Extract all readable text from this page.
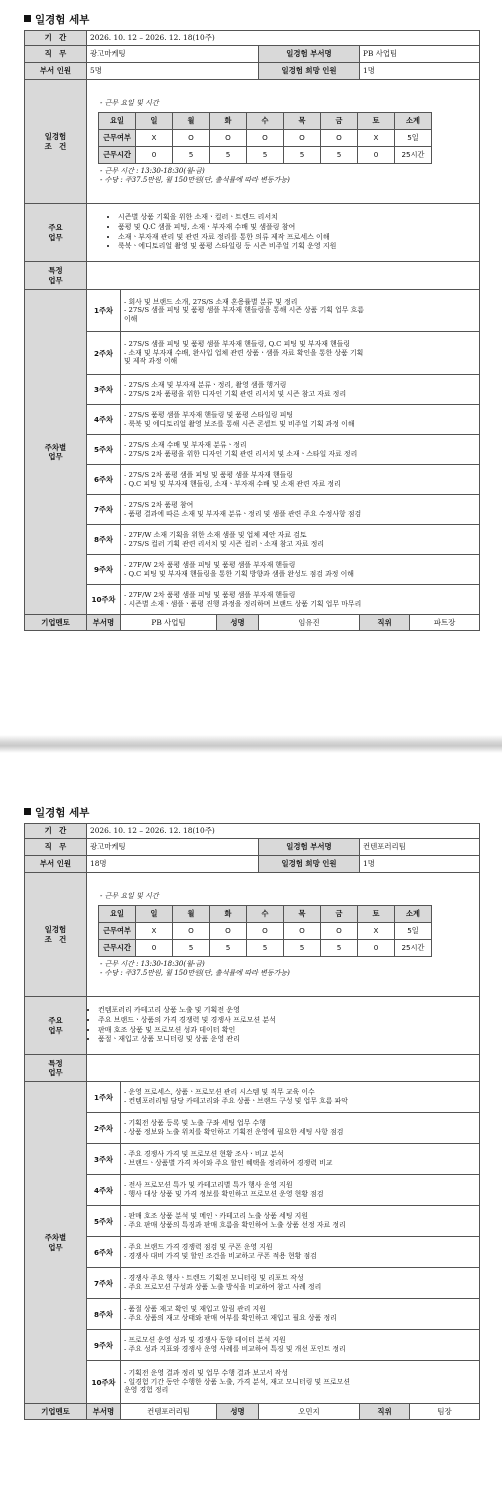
일경험 세부
기　간	2026. 10. 12 – 2026. 12. 18(10주)
직　무	광고마케팅	일경험 부서명	PB 사업팀
부서 인원	5명	일경험 희망 인원	1명
일경험
조　건	
- 근무 요일 및 시간
요일	일	월	화	수	목	금	토	소계
근무여부	X	O	O	O	O	O	X	5일
근무시간	0	5	5	5	5	5	0	25시간
- 근무 시간 : 13:30-18:30(월-금)
- 수당 : 주37.5만원, 월 150만원(단, 출석률에 따라 변동가능)

주요
업무	
• 시즌별 상품 기획을 위한 소재ㆍ컬러ㆍ트렌드 리서치
• 품평 및 Q.C 샘플 피팅, 소재ㆍ부자재 수배 및 샘플링 참여
• 소재ㆍ부자재 관리 및 관련 자료 정리를 통한 의류 제작 프로세스 이해
• 룩북ㆍ에디토리얼 촬영 및 품평 스타일링 등 시즌 비주얼 기획 운영 지원

특정
업무	
주차별
업무	1주차	
- 회사 및 브랜드 소개, 27S/S 소재 혼용률별 분류 및 정리
- 27S/S 샘플 피팅 및 품평 샘플 부자재 핸들링을 통해 시즌 상품 기획 업무 흐름
이해

2주차	
- 27S/S 샘플 피팅 및 품평 샘플 부자재 핸들링, Q.C 피팅 및 부자재 핸들링
- 소재 및 부자재 수배, 완사입 업체 관련 상품ㆍ샘플 자료 확인을 통한 상품 기획
및 제작 과정 이해

3주차	
- 27S/S 소재 및 부자재 분류ㆍ정리, 촬영 샘플 행거링
- 27S/S 2차 품평을 위한 디자인 기획 관련 리서치 및 시즌 참고 자료 정리

4주차	
- 27S/S 품평 샘플 부자재 핸들링 및 품평 스타일링 피팅
- 룩북 및 에디토리얼 촬영 보조를 통해 시즌 콘셉트 및 비주얼 기획 과정 이해

5주차	
- 27S/S 소재 수배 및 부자재 분류ㆍ정리
- 27S/S 2차 품평을 위한 디자인 기획 관련 리서치 및 소재ㆍ스타일 자료 정리

6주차	
- 27S/S 2차 품평 샘플 피팅 및 품평 샘플 부자재 핸들링
- Q.C 피팅 및 부자재 핸들링, 소재ㆍ부자재 수배 및 소재 관련 자료 정리

7주차	
- 27S/S 2차 품평 참여
- 품평 결과에 따른 소재 및 부자재 분류ㆍ정리 및 샘플 관련 주요 수정사항 점검

8주차	
- 27F/W 소재 기획을 위한 소재 샘플 및 업체 제안 자료 검토
- 27S/S 컬러 기획 관련 리서치 및 시즌 컬러ㆍ소재 참고 자료 정리

9주차	
- 27F/W 2차 품평 샘플 피팅 및 품평 샘플 부자재 핸들링
- Q.C 피팅 및 부자재 핸들링을 통한 기획 방향과 샘플 완성도 점검 과정 이해

10주차	
- 27F/W 2차 품평 샘플 피팅 및 품평 샘플 부자재 핸들링
- 시즌별 소재ㆍ샘플ㆍ품평 진행 과정을 정리하며 브랜드 상품 기획 업무 마무리

기업멘토	부서명	PB 사업팀	성명	임유진	직위	파트장
일경험 세부
기　간	2026. 10. 12 – 2026. 12. 18(10주)
직　무	광고마케팅	일경험 부서명	컨텐포러리팀
부서 인원	18명	일경험 희망 인원	1명
일경험
조　건	
- 근무 요일 및 시간
요일	일	월	화	수	목	금	토	소계
근무여부	X	O	O	O	O	O	X	5일
근무시간	0	5	5	5	5	5	0	25시간
- 근무 시간 : 13:30-18:30(월-금)
- 수당 : 주37.5만원, 월 150만원(단, 출석률에 따라 변동가능)

주요
업무	
• 컨템포러리 카테고리 상품 노출 및 기획전 운영
• 주요 브랜드ㆍ상품의 가격 경쟁력 및 경쟁사 프로모션 분석
• 판매 호조 상품 및 프로모션 성과 데이터 확인
• 품절ㆍ재입고 상품 모니터링 및 상품 운영 관리

특정
업무	
주차별
업무	1주차	
- 운영 프로세스, 상품ㆍ프로모션 관리 시스템 및 직무 교육 이수
- 컨템포러리팀 담당 카테고리와 주요 상품ㆍ브랜드 구성 및 업무 흐름 파악

2주차	
- 기획전 상품 등록 및 노출 구좌 세팅 업무 수행
- 상품 정보와 노출 위치를 확인하고 기획전 운영에 필요한 세팅 사항 점검

3주차	
- 주요 경쟁사 가격 및 프로모션 현황 조사ㆍ비교 분석
- 브랜드ㆍ상품별 가격 차이와 주요 할인 혜택을 정리하여 경쟁력 비교

4주차	
- 전사 프로모션 특가 및 카테고리별 특가 행사 운영 지원
- 행사 대상 상품 및 가격 정보를 확인하고 프로모션 운영 현황 점검

5주차	
- 판매 호조 상품 분석 및 메인ㆍ카테고리 노출 상품 세팅 지원
- 주요 판매 상품의 특징과 판매 흐름을 확인하여 노출 상품 선정 자료 정리

6주차	
- 주요 브랜드 가격 경쟁력 점검 및 쿠폰 운영 지원
- 경쟁사 대비 가격 및 할인 조건을 비교하고 쿠폰 적용 현황 점검

7주차	
- 경쟁사 주요 행사ㆍ트렌드 기획전 모니터링 및 리포트 작성
- 주요 프로모션 구성과 상품 노출 방식을 비교하여 참고 사례 정리

8주차	
- 품절 상품 재고 확인 및 재입고 알림 관리 지원
- 주요 상품의 재고 상태와 판매 여부를 확인하고 재입고 필요 상품 정리

9주차	
- 프로모션 운영 성과 및 경쟁사 동향 데이터 분석 지원
- 주요 성과 지표와 경쟁사 운영 사례를 비교하여 특징 및 개선 포인트 정리

10주차	
- 기획전 운영 결과 정리 및 업무 수행 결과 보고서 작성
- 일경험 기간 동안 수행한 상품 노출, 가격 분석, 재고 모니터링 및 프로모션
운영 경험 정리

기업멘토	부서명	컨템포러리팀	성명	오민지	직위	팀장
